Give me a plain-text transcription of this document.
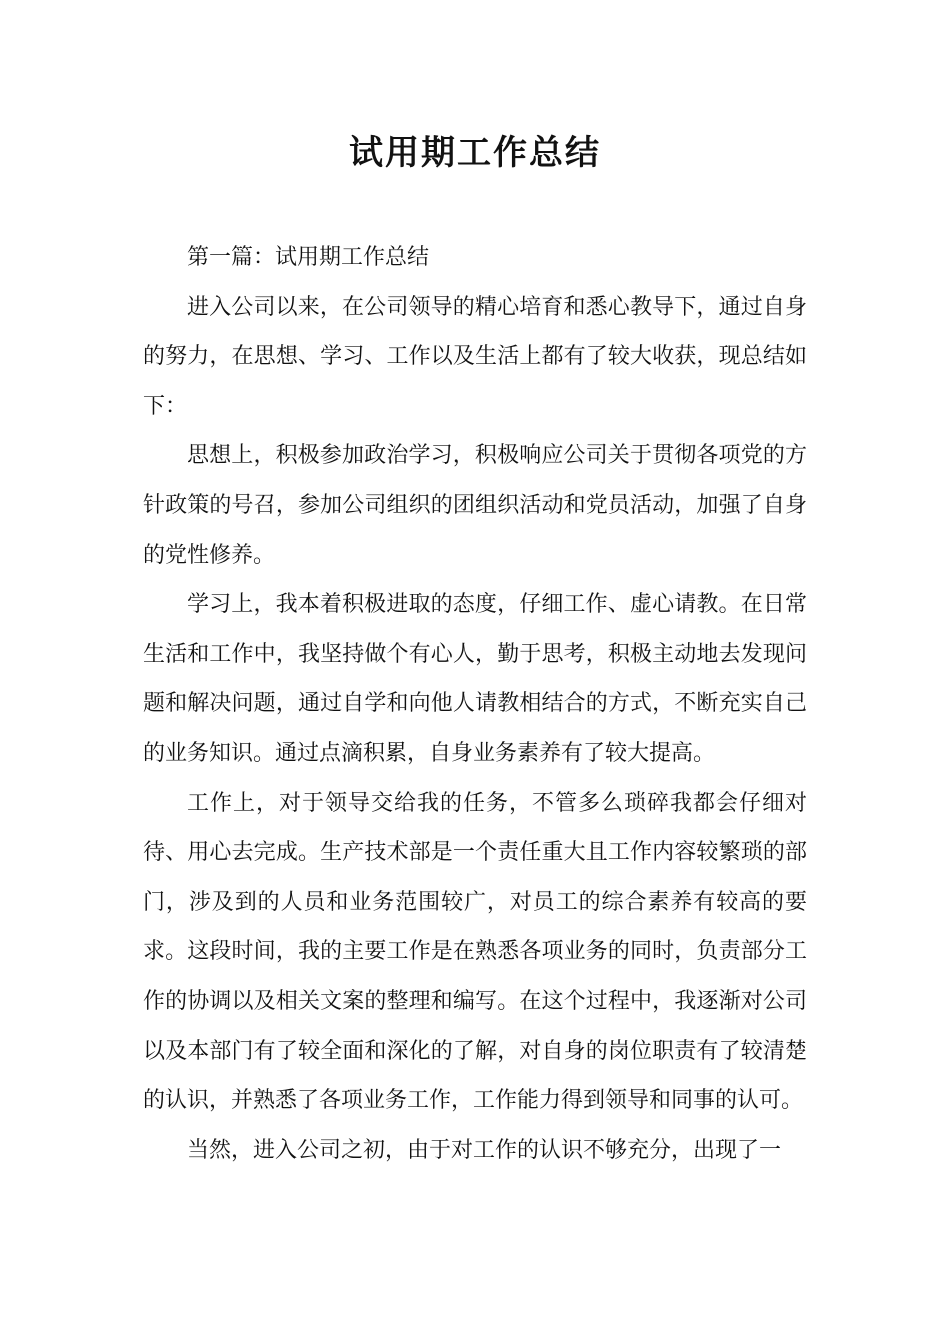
试用期工作总结

第一篇：试用期工作总结

进入公司以来，在公司领导的精心培育和悉心教导下，通过自身的努力，在思想、学习、工作以及生活上都有了较大收获，现总结如下：

思想上，积极参加政治学习，积极响应公司关于贯彻各项党的方针政策的号召，参加公司组织的团组织活动和党员活动，加强了自身的党性修养。

学习上，我本着积极进取的态度，仔细工作、虚心请教。在日常生活和工作中，我坚持做个有心人，勤于思考，积极主动地去发现问题和解决问题，通过自学和向他人请教相结合的方式，不断充实自己的业务知识。通过点滴积累，自身业务素养有了较大提高。

工作上，对于领导交给我的任务，不管多么琐碎我都会仔细对待、用心去完成。生产技术部是一个责任重大且工作内容较繁琐的部门，涉及到的人员和业务范围较广，对员工的综合素养有较高的要求。这段时间，我的主要工作是在熟悉各项业务的同时，负责部分工作的协调以及相关文案的整理和编写。在这个过程中，我逐渐对公司以及本部门有了较全面和深化的了解，对自身的岗位职责有了较清楚的认识，并熟悉了各项业务工作，工作能力得到领导和同事的认可。

当然，进入公司之初，由于对工作的认识不够充分，出现了一
